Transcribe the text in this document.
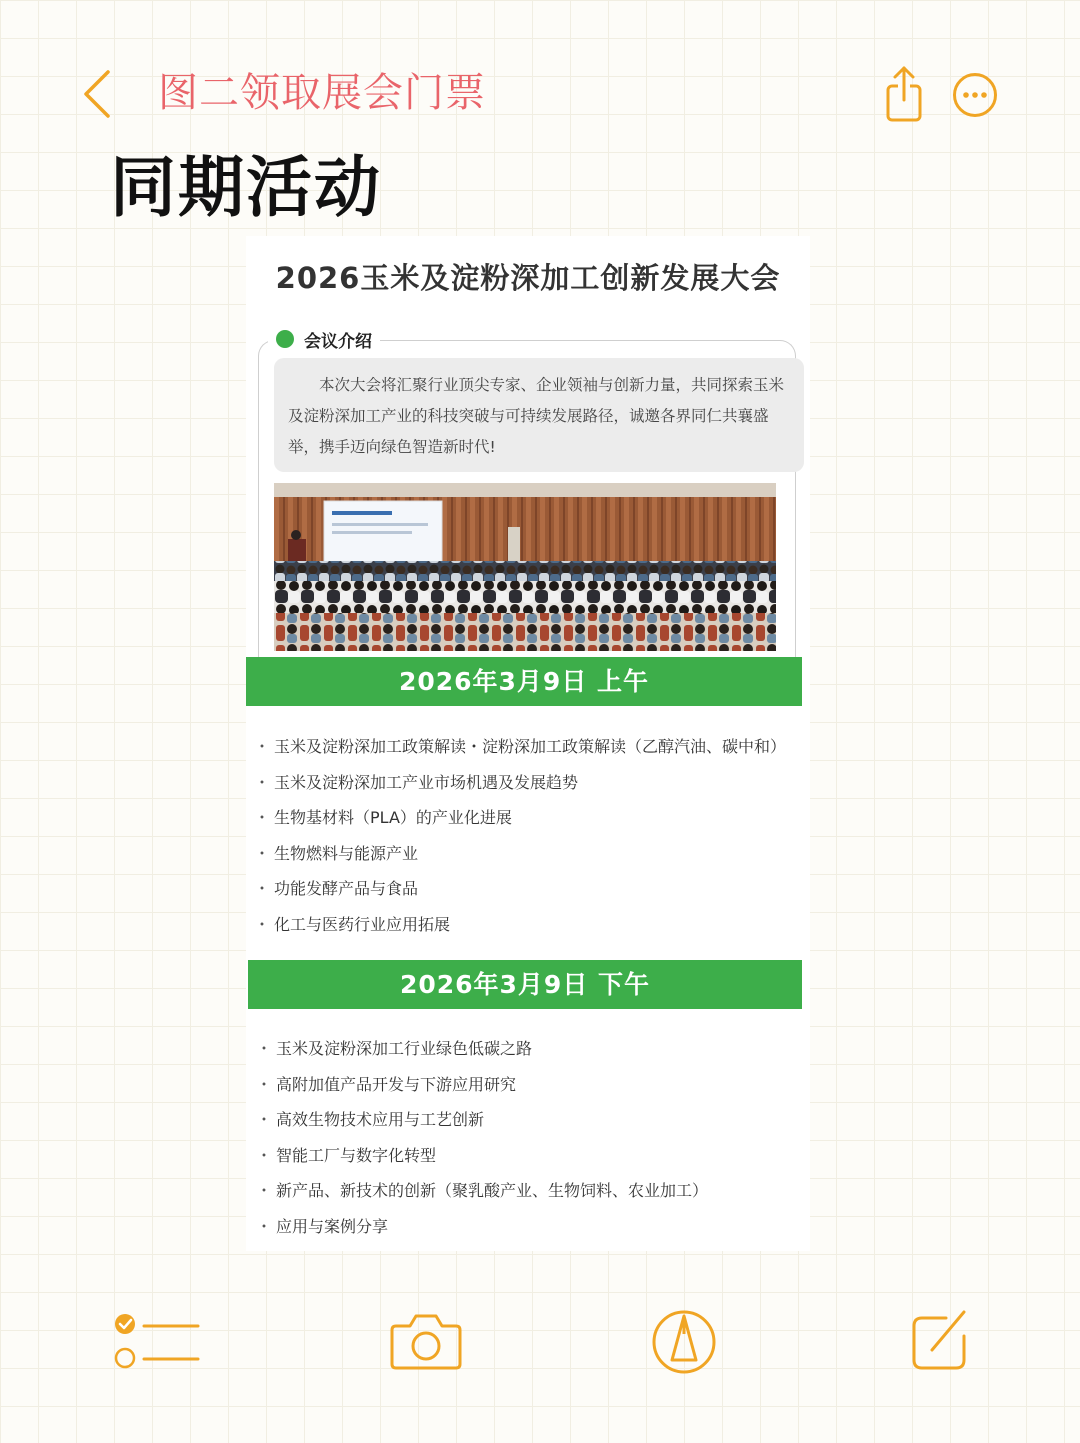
图二领取展会门票
同期活动
2026玉米及淀粉深加工创新发展大会
会议介绍

本次大会将汇聚行业顶尖专家、企业领袖与创新力量，共同探索玉米及淀粉深加工产业的科技突破与可持续发展路径，诚邀各界同仁共襄盛举，携手迈向绿色智造新时代!

2026年3月9日 上午
・ 玉米及淀粉深加工政策解读・淀粉深加工政策解读（乙醇汽油、碳中和）
・ 玉米及淀粉深加工产业市场机遇及发展趋势
・ 生物基材料（PLA）的产业化进展
・ 生物燃料与能源产业
・ 功能发酵产品与食品
・ 化工与医药行业应用拓展
2026年3月9日 下午
・ 玉米及淀粉深加工行业绿色低碳之路
・ 高附加值产品开发与下游应用研究
・ 高效生物技术应用与工艺创新
・ 智能工厂与数字化转型
・ 新产品、新技术的创新（聚乳酸产业、生物饲料、农业加工）
・ 应用与案例分享
